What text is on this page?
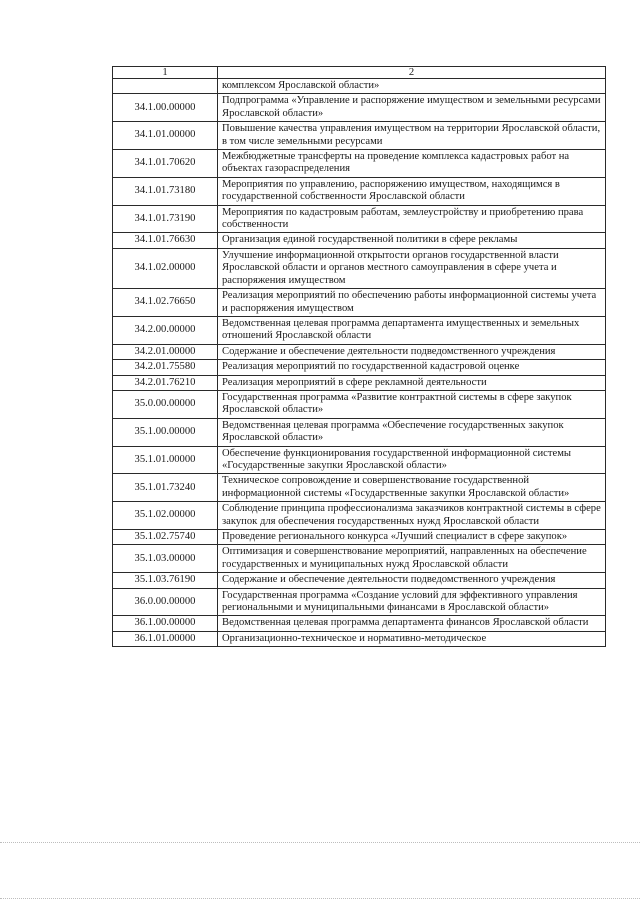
1	2
	комплексом Ярославской области»
34.1.00.00000	Подпрограмма «Управление и распоряжение имуществом и земельными ресурсами Ярославской области»
34.1.01.00000	Повышение качества управления имуществом на территории Ярославской области, в том числе земельными ресурсами
34.1.01.70620	Межбюджетные трансферты на проведение комплекса кадастровых работ на объектах газораспределения
34.1.01.73180	Мероприятия по управлению, распоряжению имуществом, находящимся в государственной собственности Ярославской области
34.1.01.73190	Мероприятия по кадастровым работам, землеустройству и приобретению права собственности
34.1.01.76630	Организация единой государственной политики в сфере рекламы
34.1.02.00000	Улучшение информационной открытости органов государственной власти Ярославской области и органов местного самоуправления в сфере учета и распоряжения имуществом
34.1.02.76650	Реализация мероприятий по обеспечению работы информационной системы учета и распоряжения имуществом
34.2.00.00000	Ведомственная целевая программа департамента имущественных и земельных отношений Ярославской области
34.2.01.00000	Содержание и обеспечение деятельности подведомственного учреждения
34.2.01.75580	Реализация мероприятий по государственной кадастровой оценке
34.2.01.76210	Реализация мероприятий в сфере рекламной деятельности
35.0.00.00000	Государственная программа «Развитие контрактной системы в сфере закупок Ярославской области»
35.1.00.00000	Ведомственная целевая программа «Обеспечение государственных закупок Ярославской области»
35.1.01.00000	Обеспечение функционирования государственной информационной системы «Государственные закупки Ярославской области»
35.1.01.73240	Техническое сопровождение и совершенствование государственной информационной системы «Государственные закупки Ярославской области»
35.1.02.00000	Соблюдение принципа профессионализма заказчиков контрактной системы в сфере закупок для обеспечения государственных нужд Ярославской области
35.1.02.75740	Проведение регионального конкурса «Лучший специалист в сфере закупок»
35.1.03.00000	Оптимизация и совершенствование мероприятий, направленных на обеспечение государственных и муниципальных нужд Ярославской области
35.1.03.76190	Содержание и обеспечение деятельности подведомственного учреждения
36.0.00.00000	Государственная программа «Создание условий для эффективного управления региональными и муниципальными финансами в Ярославской области»
36.1.00.00000	Ведомственная целевая программа департамента финансов Ярославской области
36.1.01.00000	Организационно-техническое и нормативно-методическое
